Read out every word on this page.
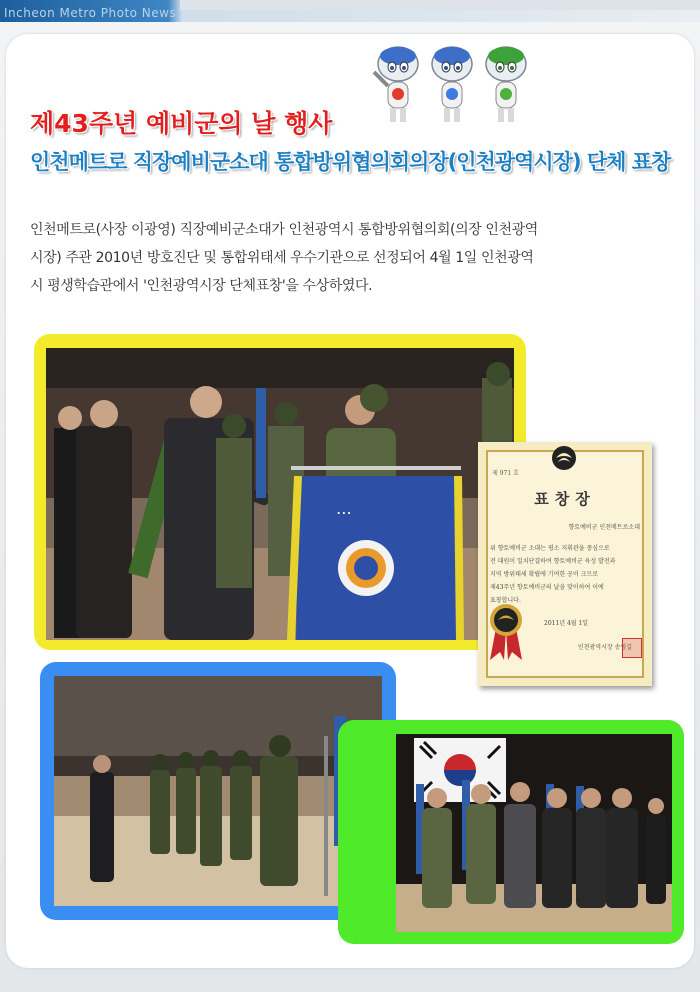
Incheon Metro Photo News
제43주년 예비군의 날 행사
인천메트로 직장예비군소대 통합방위협의회의장(인천광역시장) 단체 표창
인천메트로(사장 이광영) 직장예비군소대가 인천광역시 통합방위협의회(의장 인천광역
시장) 주관 2010년 방호진단 및 통합위태세 우수기관으로 선정되어 4월 1일 인천광역
시 평생학습관에서 '인천광역시장 단체표창'을 수상하였다.
⋯
제 971 호
표창장
향토예비군 인천메트로소대
위 향토예비군 소대는 평소 지휘관을 중심으로
전 대원이 일치단결하여 향토예비군 육성 발전과
지역 방위태세 확립에 기여한 공이 크므로
제43주년 향토예비군의 날을 맞이하여 이에
표창합니다.
2011년 4월 1일
인천광역시장 송영길
